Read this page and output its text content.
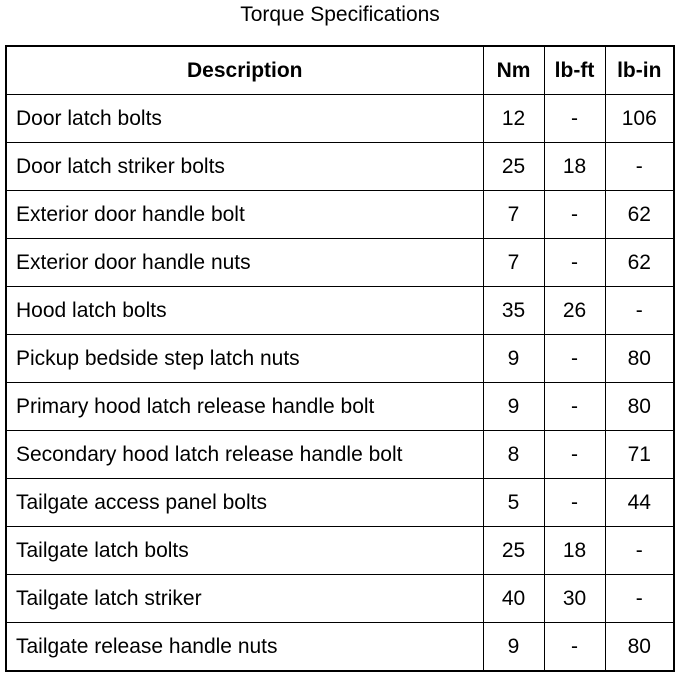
Torque Specifications
Description	Nm	lb-ft	lb-in
Door latch bolts	12	-	106
Door latch striker bolts	25	18	-
Exterior door handle bolt	7	-	62
Exterior door handle nuts	7	-	62
Hood latch bolts	35	26	-
Pickup bedside step latch nuts	9	-	80
Primary hood latch release handle bolt	9	-	80
Secondary hood latch release handle bolt	8	-	71
Tailgate access panel bolts	5	-	44
Tailgate latch bolts	25	18	-
Tailgate latch striker	40	30	-
Tailgate release handle nuts	9	-	80
